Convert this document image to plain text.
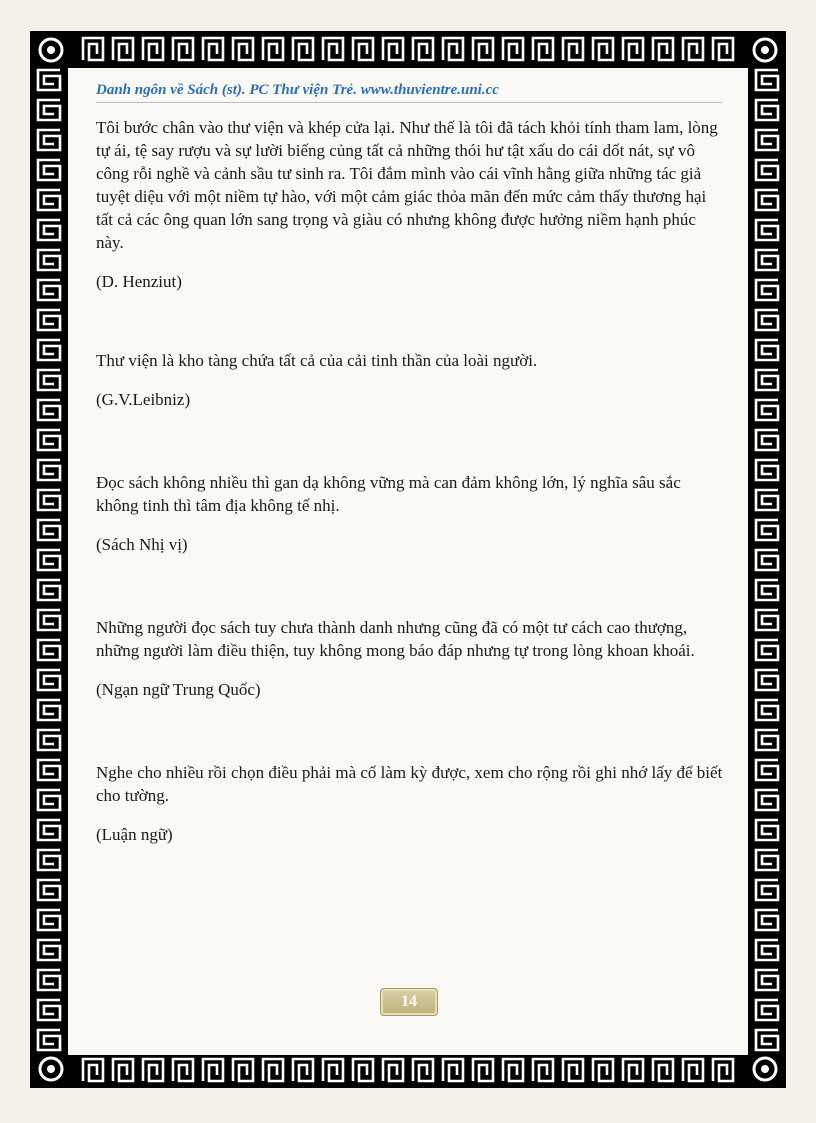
Danh ngôn về Sách (st). PC Thư viện Trẻ. www.thuvientre.uni.cc

Tôi bước chân vào thư viện và khép cửa lại. Như thế là tôi đã tách khỏi tính tham lam, lòng tự ái, tệ say rượu và sự lười biếng củng tất cả những thói hư tật xấu do cái dốt nát, sự vô công rỗi nghề và cảnh sầu tư sinh ra. Tôi đắm mình vào cái vĩnh hằng giữa những tác giả tuyệt diệu với một niềm tự hào, với một cảm giác thỏa mãn đến mức cảm thấy thương hại tất cả các ông quan lớn sang trọng và giàu có nhưng không được hưởng niềm hạnh phúc này.

(D. Henziut)

Thư viện là kho tàng chứa tất cả của cải tinh thần của loài người.

(G.V.Leibniz)

Đọc sách không nhiều thì gan dạ không vững mà can đảm không lớn, lý nghĩa sâu sắc không tinh thì tâm địa không tế nhị.

(Sách Nhị vị)

Những người đọc sách tuy chưa thành danh nhưng cũng đã có một tư cách cao thượng, những người làm điều thiện, tuy không mong báo đáp nhưng tự trong lòng khoan khoái.

(Ngạn ngữ Trung Quốc)

Nghe cho nhiều rồi chọn điều phải mà cố làm kỳ được, xem cho rộng rồi ghi nhớ lấy để biết cho tường.

(Luận ngữ)

14
